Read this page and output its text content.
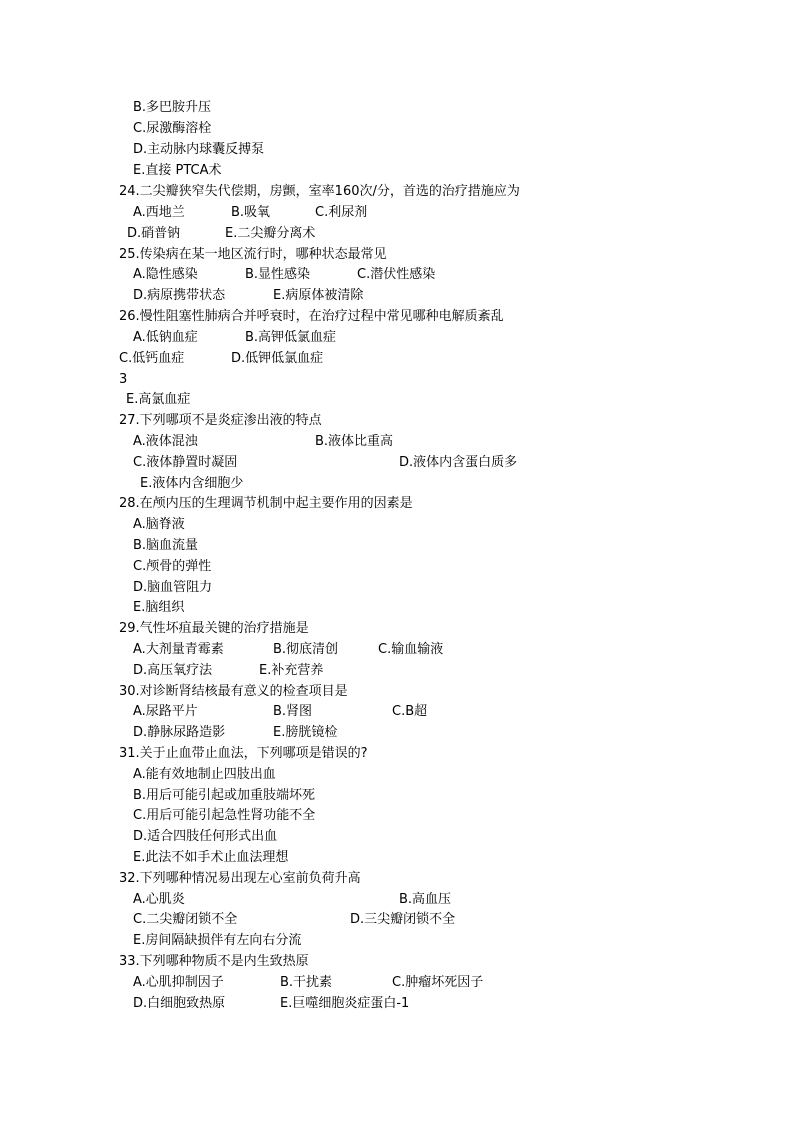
B.多巴胺升压
C.尿激酶溶栓
D.主动脉内球囊反搏泵
E.直接 PTCA术
24.二尖瓣狭窄失代偿期，房颤，室率160次/分，首选的治疗措施应为
A.西地兰	B.吸氧	C.利尿剂
D.硝普钠	E.二尖瓣分离术
25.传染病在某一地区流行时，哪种状态最常见
A.隐性感染	B.显性感染	C.潜伏性感染
D.病原携带状态	E.病原体被清除
26.慢性阻塞性肺病合并呼衰时，在治疗过程中常见哪种电解质紊乱
A.低钠血症	B.高钾低氯血症
C.低钙血症	D.低钾低氯血症
3
E.高氯血症
27.下列哪项不是炎症渗出液的特点
A.液体混浊	B.液体比重高
C.液体静置时凝固	D.液体内含蛋白质多
E.液体内含细胞少
28.在颅内压的生理调节机制中起主要作用的因素是
A.脑脊液
B.脑血流量
C.颅骨的弹性
D.脑血管阻力
E.脑组织
29.气性坏疽最关键的治疗措施是
A.大剂量青霉素	B.彻底清创	C.输血输液
D.高压氧疗法	E.补充营养
30.对诊断肾结核最有意义的检查项目是
A.尿路平片	B.肾图	C.B超
D.静脉尿路造影	E.膀胱镜检
31.关于止血带止血法，下列哪项是错误的?
A.能有效地制止四肢出血
B.用后可能引起或加重肢端坏死
C.用后可能引起急性肾功能不全
D.适合四肢任何形式出血
E.此法不如手术止血法理想
32.下列哪种情况易出现左心室前负荷升高
A.心肌炎	B.高血压
C.二尖瓣闭锁不全	D.三尖瓣闭锁不全
E.房间隔缺损伴有左向右分流
33.下列哪种物质不是内生致热原
A.心肌抑制因子	B.干扰素	C.肿瘤坏死因子
D.白细胞致热原	E.巨噬细胞炎症蛋白-1
